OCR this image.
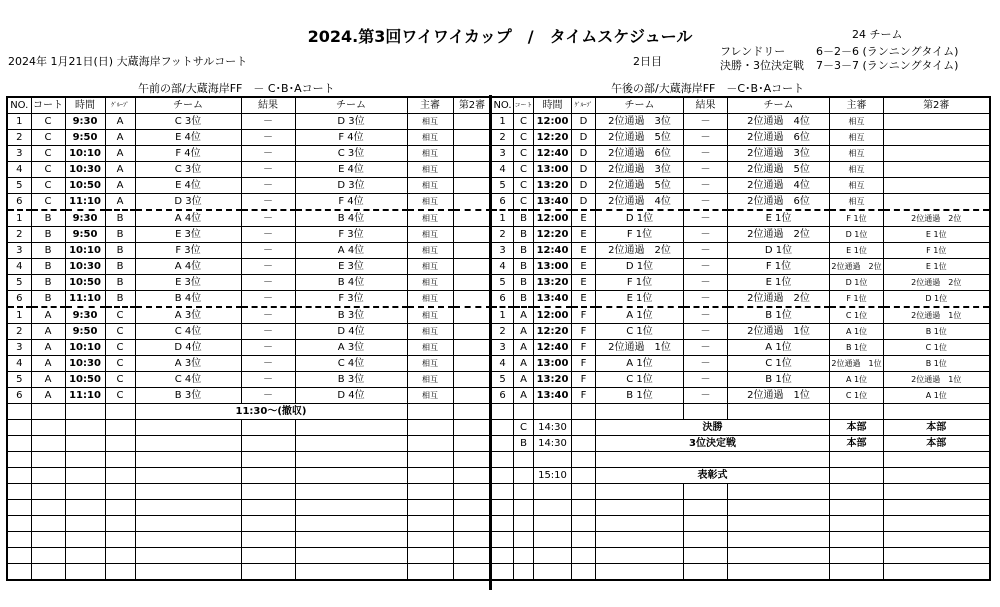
2024.第3回ワイワイカップ　/　タイムスケジュール	24 チーム
2024年 1月21日(日) 大蔵海岸フットサルコート	2日目
フレンドリー	6－2－6 (ランニングタイム)
決勝・3位決定戦 7－3－7 (ランニングタイム)
午前の部/大蔵海岸FF　－ C･B･Aコート	午後の部/大蔵海岸FF　－C･B･Aコート
NO.	コート	時間	ｸﾞﾙｰﾌﾟ	チーム	結果	チーム	主審	第2審
1	C	9:30	A	C 3位	－	D 3位	相互	
2	C	9:50	A	E 4位	－	F 4位	相互	
3	C	10:10	A	F 4位	－	C 3位	相互	
4	C	10:30	A	C 3位	－	E 4位	相互	
5	C	10:50	A	E 4位	－	D 3位	相互	
6	C	11:10	A	D 3位	－	F 4位	相互	
1	B	9:30	B	A 4位	－	B 4位	相互	
2	B	9:50	B	E 3位	－	F 3位	相互	
3	B	10:10	B	F 3位	－	A 4位	相互	
4	B	10:30	B	A 4位	－	E 3位	相互	
5	B	10:50	B	E 3位	－	B 4位	相互	
6	B	11:10	B	B 4位	－	F 3位	相互	
1	A	9:30	C	A 3位	－	B 3位	相互	
2	A	9:50	C	C 4位	－	D 4位	相互	
3	A	10:10	C	D 4位	－	A 3位	相互	
4	A	10:30	C	A 3位	－	C 4位	相互	
5	A	10:50	C	C 4位	－	B 3位	相互	
6	A	11:10	C	B 3位	－	D 4位	相互	
				11:30～(撤収)				

NO.	コート	時間	ｸﾞﾙｰﾌﾟ	チーム	結果	チーム	主審	第2審
1	C	12:00	D	2位通過　3位	－	2位通過　4位	相互	
2	C	12:20	D	2位通過　5位	－	2位通過　6位	相互	
3	C	12:40	D	2位通過　6位	－	2位通過　3位	相互	
4	C	13:00	D	2位通過　3位	－	2位通過　5位	相互	
5	C	13:20	D	2位通過　5位	－	2位通過　4位	相互	
6	C	13:40	D	2位通過　4位	－	2位通過　6位	相互	
1	B	12:00	E	D 1位	－	E 1位	F 1位	2位通過　2位
2	B	12:20	E	F 1位	－	2位通過　2位	D 1位	E 1位
3	B	12:40	E	2位通過　2位	－	D 1位	E 1位	F 1位
4	B	13:00	E	D 1位	－	F 1位	2位通過　2位	E 1位
5	B	13:20	E	F 1位	－	E 1位	D 1位	2位通過　2位
6	B	13:40	E	E 1位	－	2位通過　2位	F 1位	D 1位
1	A	12:00	F	A 1位	－	B 1位	C 1位	2位通過　1位
2	A	12:20	F	C 1位	－	2位通過　1位	A 1位	B 1位
3	A	12:40	F	2位通過　1位	－	A 1位	B 1位	C 1位
4	A	13:00	F	A 1位	－	C 1位	2位通過　1位	B 1位
5	A	13:20	F	C 1位	－	B 1位	A 1位	2位通過　1位
6	A	13:40	F	B 1位	－	2位通過　1位	C 1位	A 1位

	C	14:30		決勝			本部	本部
	B	14:30		3位決定戦			本部	本部

		15:10		表彰式				
